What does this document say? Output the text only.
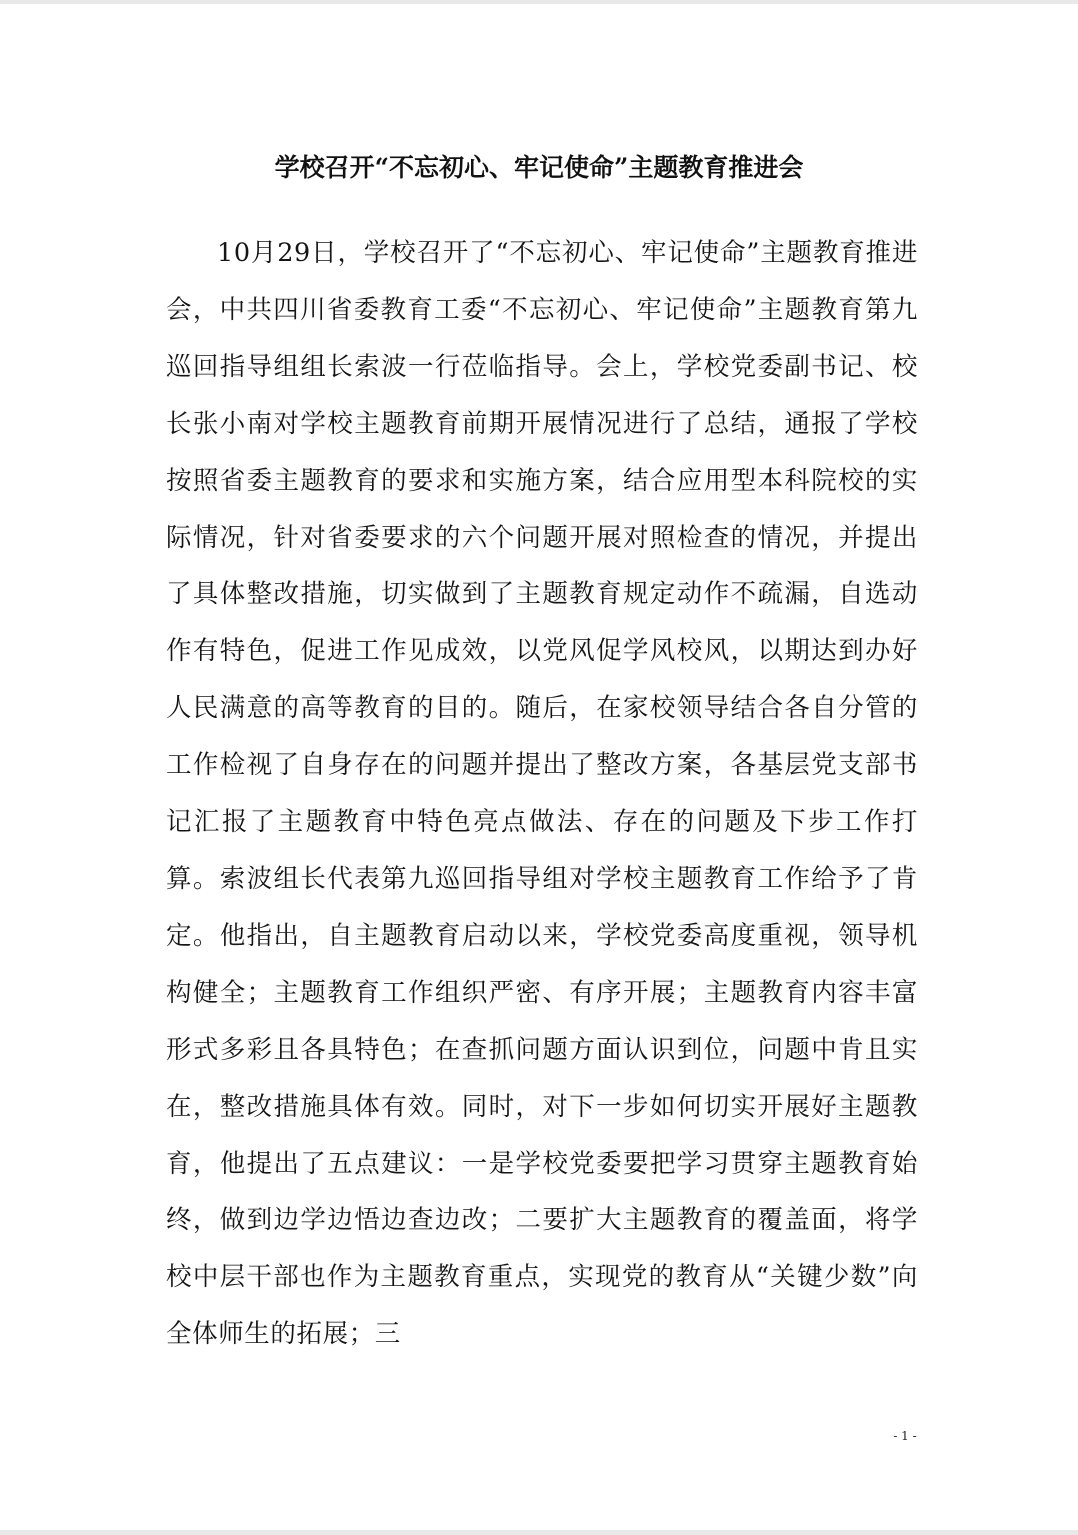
学校召开“不忘初心、牢记使命”主题教育推进会

10月29日，学校召开了“不忘初心、牢记使命”主题教育推进会，中共四川省委教育工委“不忘初心、牢记使命”主题教育第九巡回指导组组长索波一行莅临指导。会上，学校党委副书记、校长张小南对学校主题教育前期开展情况进行了总结，通报了学校按照省委主题教育的要求和实施方案，结合应用型本科院校的实际情况，针对省委要求的六个问题开展对照检查的情况，并提出了具体整改措施，切实做到了主题教育规定动作不疏漏，自选动作有特色，促进工作见成效，以党风促学风校风，以期达到办好人民满意的高等教育的目的。随后，在家校领导结合各自分管的工作检视了自身存在的问题并提出了整改方案，各基层党支部书记汇报了主题教育中特色亮点做法、存在的问题及下步工作打算。索波组长代表第九巡回指导组对学校主题教育工作给予了肯定。他指出，自主题教育启动以来，学校党委高度重视，领导机构健全；主题教育工作组织严密、有序开展；主题教育内容丰富形式多彩且各具特色；在查抓问题方面认识到位，问题中肯且实在，整改措施具体有效。同时，对下一步如何切实开展好主题教育，他提出了五点建议：一是学校党委要把学习贯穿主题教育始终，做到边学边悟边查边改；二要扩大主题教育的覆盖面，将学校中层干部也作为主题教育重点，实现党的教育从“关键少数”向全体师生的拓展；三

- 1 -
